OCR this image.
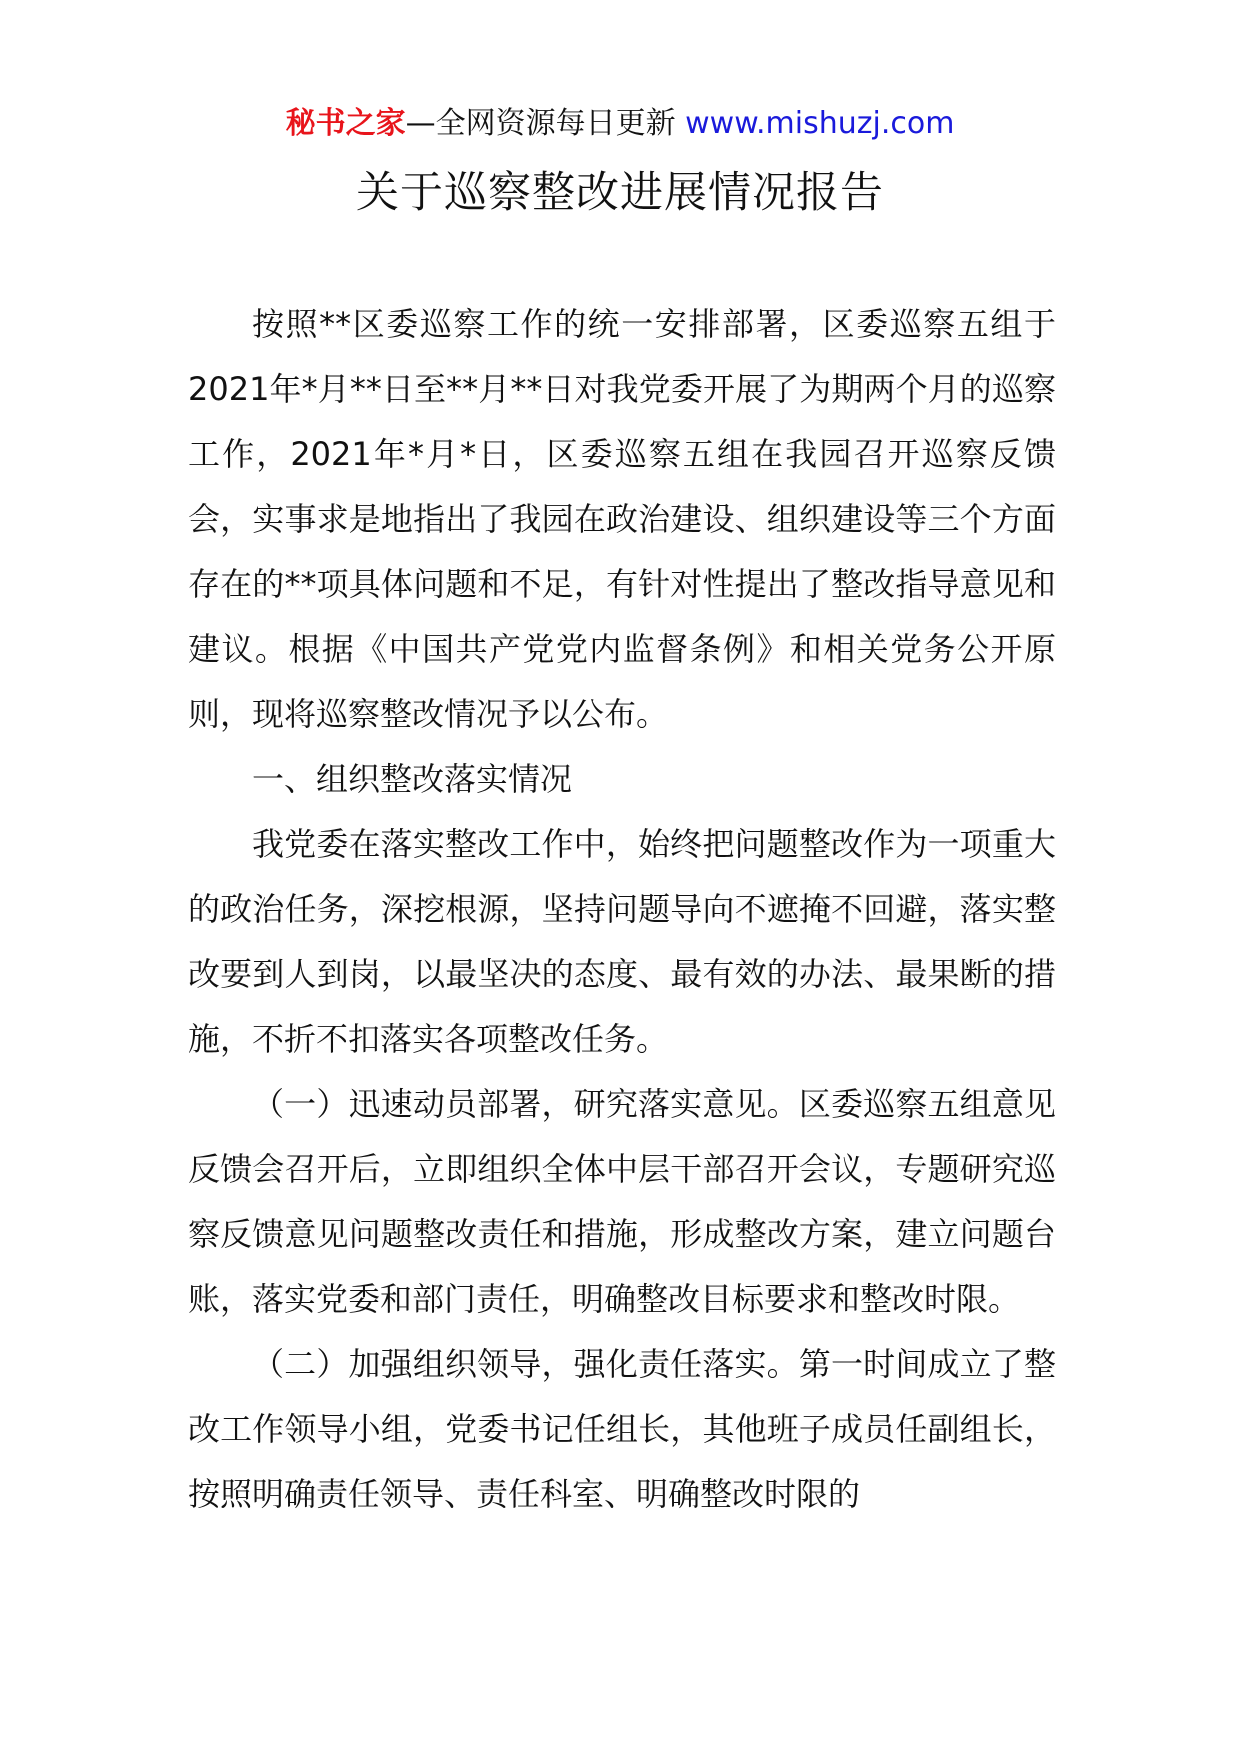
秘书之家—全网资源每日更新 www.mishuzj.com
关于巡察整改进展情况报告

按照**区委巡察工作的统一安排部署，区委巡察五组于2021年*月**日至**月**日对我党委开展了为期两个月的巡察工作，2021年*月*日，区委巡察五组在我园召开巡察反馈会，实事求是地指出了我园在政治建设、组织建设等三个方面存在的**项具体问题和不足，有针对性提出了整改指导意见和建议。根据《中国共产党党内监督条例》和相关党务公开原则，现将巡察整改情况予以公布。

一、组织整改落实情况

我党委在落实整改工作中，始终把问题整改作为一项重大的政治任务，深挖根源，坚持问题导向不遮掩不回避，落实整改要到人到岗，以最坚决的态度、最有效的办法、最果断的措施，不折不扣落实各项整改任务。

（一）迅速动员部署，研究落实意见。区委巡察五组意见反馈会召开后，立即组织全体中层干部召开会议，专题研究巡察反馈意见问题整改责任和措施，形成整改方案，建立问题台账，落实党委和部门责任，明确整改目标要求和整改时限。

（二）加强组织领导，强化责任落实。第一时间成立了整改工作领导小组，党委书记任组长，其他班子成员任副组长，按照明确责任领导、责任科室、明确整改时限的
